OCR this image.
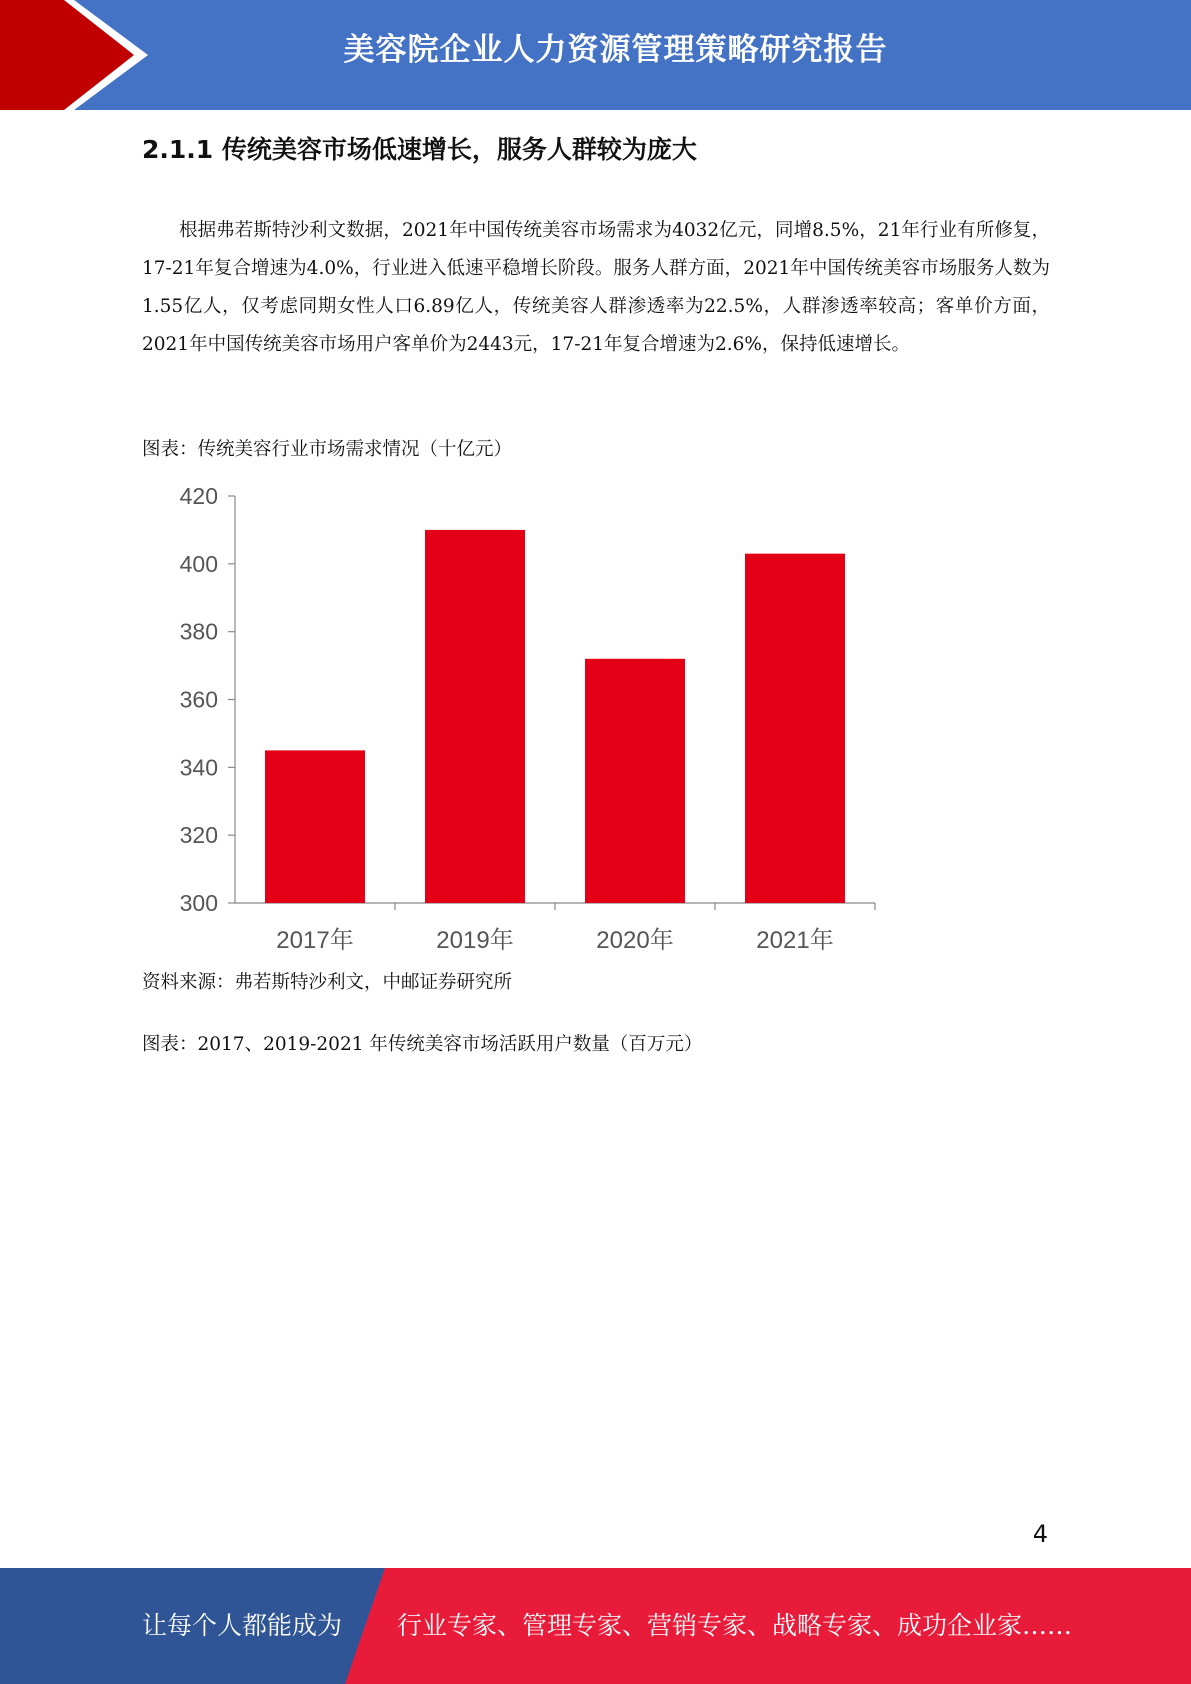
美容院企业人力资源管理策略研究报告
2.1.1 传统美容市场低速增长，服务人群较为庞大

根据弗若斯特沙利文数据，2021年中国传统美容市场需求为4032亿元，同增8.5%，21年行业有所修复，17-21年复合增速为4.0%，行业进入低速平稳增长阶段。服务人群方面，2021年中国传统美容市场服务人数为1.55亿人，仅考虑同期女性人口6.89亿人，传统美容人群渗透率为22.5%，人群渗透率较高；客单价方面，2021年中国传统美容市场用户客单价为2443元，17-21年复合增速为2.6%，保持低速增长。

图表：传统美容行业市场需求情况（十亿元）
300
320
340
360
380
400
420
2017年	2019年	2020年	2021年
资料来源：弗若斯特沙利文，中邮证券研究所
图表：2017、2019-2021 年传统美容市场活跃用户数量（百万元）
4
让每个人都能成为 行业专家、管理专家、营销专家、战略专家、成功企业家……
